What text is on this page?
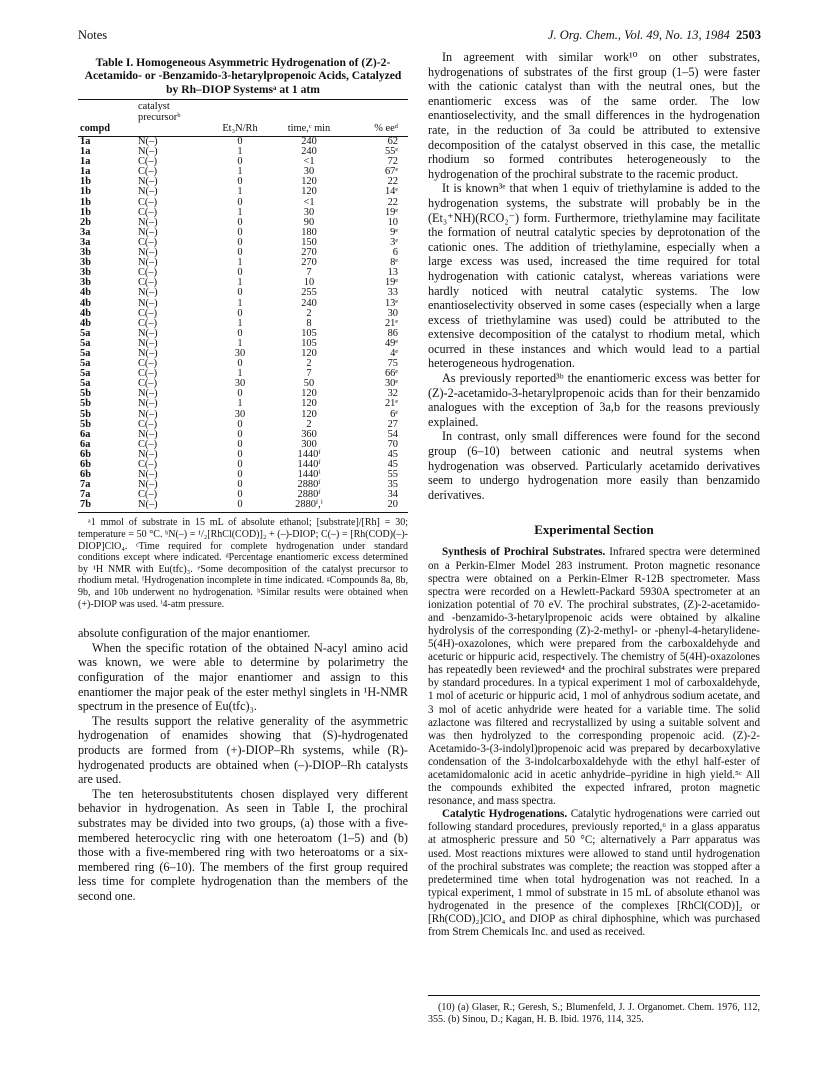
Notes	J. Org. Chem., Vol. 49, No. 13, 1984 2503
Table I. Homogeneous Asymmetric Hydrogenation of (Z)-2-Acetamido- or -Benzamido-3-hetarylpropenoic Acids, Catalyzed by Rh–DIOP Systemsᵃ at 1 atm
	catalyst precursorᵇ			
compd		Et₃N/Rh	time,ᶜ min	% eeᵈ
1a	N(–)	0	240	62
1a	N(–)	1	240	55ᵉ
1a	C(–)	0	<1	72
1a	C(–)	1	30	67ᵉ
1b	N(–)	0	120	22
1b	N(–)	1	120	14ᵉ
1b	C(–)	0	<1	22
1b	C(–)	1	30	19ᵉ
2b	N(–)	0	90	10
3a	N(–)	0	180	9ᵉ
3a	C(–)	0	150	3ᵉ
3b	N(–)	0	270	6
3b	N(–)	1	270	8ᵉ
3b	C(–)	0	7	13
3b	C(–)	1	10	19ᵉ
4b	N(–)	0	255	33
4b	N(–)	1	240	13ᵉ
4b	C(–)	0	2	30
4b	C(–)	1	8	21ᵉ
5a	N(–)	0	105	86
5a	N(–)	1	105	49ᵉ
5a	N(–)	30	120	4ᵉ
5a	C(–)	0	2	75
5a	C(–)	1	7	66ᵉ
5a	C(–)	30	50	30ᵉ
5b	N(–)	0	120	32
5b	N(–)	1	120	21ᵉ
5b	N(–)	30	120	6ᵉ
5b	C(–)	0	2	27
6a	N(–)	0	360	54
6a	C(–)	0	300	70
6b	N(–)	0	1440ᶠ	45
6b	C(–)	0	1440ᶠ	45
6b	N(–)	0	1440ⁱ	55
7a	N(–)	0	2880ᶠ	35
7a	C(–)	0	2880ᶠ	34
7b	N(–)	0	2880ᶠ,ⁱ	20

ᵃ1 mmol of substrate in 15 mL of absolute ethanol; [substrate]/[Rh] = 30; temperature = 50 °C. ᵇN(–) = ¹/₂[RhCl(COD)]₂ + (–)-DIOP; C(–) = [Rh(COD)(–)-DIOP]ClO₄. ᶜTime required for complete hydrogenation under standard conditions except where indicated. ᵈPercentage enantiomeric excess determined by ¹H NMR with Eu(tfc)₃. ᵉSome decomposition of the catalyst precursor to rhodium metal. ᶠHydrogenation incomplete in time indicated. ᵍCompounds 8a, 8b, 9b, and 10b underwent no hydrogenation. ʰSimilar results were obtained when (+)-DIOP was used. ⁱ4-atm pressure.

absolute configuration of the major enantiomer.

When the specific rotation of the obtained N-acyl amino acid was known, we were able to determine by polarimetry the configuration of the major enantiomer and assign to this enantiomer the major peak of the ester methyl singlets in ¹H-NMR spectrum in the presence of Eu(tfc)₃.

The results support the relative generality of the asymmetric hydrogenation of enamides showing that (S)-hydrogenated products are formed from (+)-DIOP–Rh systems, while (R)-hydrogenated products are obtained when (–)-DIOP–Rh catalysts are used.

The ten heterosubstitutents chosen displayed very different behavior in hydrogenation. As seen in Table I, the prochiral substrates may be divided into two groups, (a) those with a five-membered heterocyclic ring with one heteroatom (1–5) and (b) those with a five-membered ring with two heteroatoms or a six-membered ring (6–10). The members of the first group required less time for complete hydrogenation than the members of the second one.

In agreement with similar work¹⁰ on other substrates, hydrogenations of substrates of the first group (1–5) were faster with the cationic catalyst than with the neutral ones, but the enantiomeric excess was of the same order. The low enantioselectivity, and the small differences in the hydrogenation rate, in the reduction of 3a could be attributed to extensive decomposition of the catalyst observed in this case, the metallic rhodium so formed contributes heterogeneously to the hydrogenation of the prochiral substrate to the racemic product.

It is known³ᵉ that when 1 equiv of triethylamine is added to the hydrogenation systems, the substrate will probably be in the (Et₃⁺NH)(RCO₂⁻) form. Furthermore, triethylamine may facilitate the formation of neutral catalytic species by deprotonation of the cationic ones. The addition of triethylamine, especially when a large excess was used, increased the time required for total hydrogenation with cationic catalyst, whereas variations were hardly noticed with neutral catalytic systems. The low enantioselectivity observed in some cases (especially when a large excess of triethylamine was used) could be attributed to the extensive decomposition of the catalyst to rhodium metal, which ocurred in these instances and which would lead to a partial heterogeneous hydrogenation.

As previously reported³ᵇ the enantiomeric excess was better for (Z)-2-acetamido-3-hetarylpropenoic acids than for their benzamido analogues with the exception of 3a,b for the reasons previously explained.

In contrast, only small differences were found for the second group (6–10) between cationic and neutral systems when hydrogenation was observed. Particularly acetamido derivatives seem to undergo hydrogenation more easily than benzamido derivatives.

Experimental Section

Synthesis of Prochiral Substrates. Infrared spectra were determined on a Perkin-Elmer Model 283 instrument. Proton magnetic resonance spectra were obtained on a Perkin-Elmer R-12B spectrometer. Mass spectra were recorded on a Hewlett-Packard 5930A spectrometer at an ionization potential of 70 eV. The prochiral substrates, (Z)-2-acetamido- and -benzamido-3-hetarylpropenoic acids were obtained by alkaline hydrolysis of the corresponding (Z)-2-methyl- or -phenyl-4-hetarylidene-5(4H)-oxazolones, which were prepared from the carboxaldehyde and aceturic or hippuric acid, respectively. The chemistry of 5(4H)-oxazolones has repeatedly been reviewed⁴ and the prochiral substrates were prepared by standard procedures. In a typical experiment 1 mol of carboxaldehyde, 1 mol of aceturic or hippuric acid, 1 mol of anhydrous sodium acetate, and 3 mol of acetic anhydride were heated for a variable time. The solid azlactone was filtered and recrystallized by using a suitable solvent and was then hydrolyzed to the corresponding propenoic acid. (Z)-2-Acetamido-3-(3-indolyl)propenoic acid was prepared by decarboxylative condensation of the 3-indolcarboxaldehyde with the ethyl half-ester of acetamidomalonic acid in acetic anhydride–pyridine in high yield.⁵ᶜ All the compounds exhibited the expected infrared, proton magnetic resonance, and mass spectra.

Catalytic Hydrogenations. Catalytic hydrogenations were carried out following standard procedures, previously reported,⁶ in a glass apparatus at atmospheric pressure and 50 °C; alternatively a Parr apparatus was used. Most reactions mixtures were allowed to stand until hydrogenation of the prochiral substrates was complete; the reaction was stopped after a predetermined time when total hydrogenation was not reached. In a typical experiment, 1 mmol of substrate in 15 mL of absolute ethanol was hydrogenated in the presence of the complexes [RhCl(COD)]₂ or [Rh(COD)₂]ClO₄ and DIOP as chiral diphosphine, which was purchased from Strem Chemicals Inc. and used as received.

(10) (a) Glaser, R.; Geresh, S.; Blumenfeld, J. J. Organomet. Chem. 1976, 112, 355. (b) Sinou, D.; Kagan, H. B. Ibid. 1976, 114, 325.
